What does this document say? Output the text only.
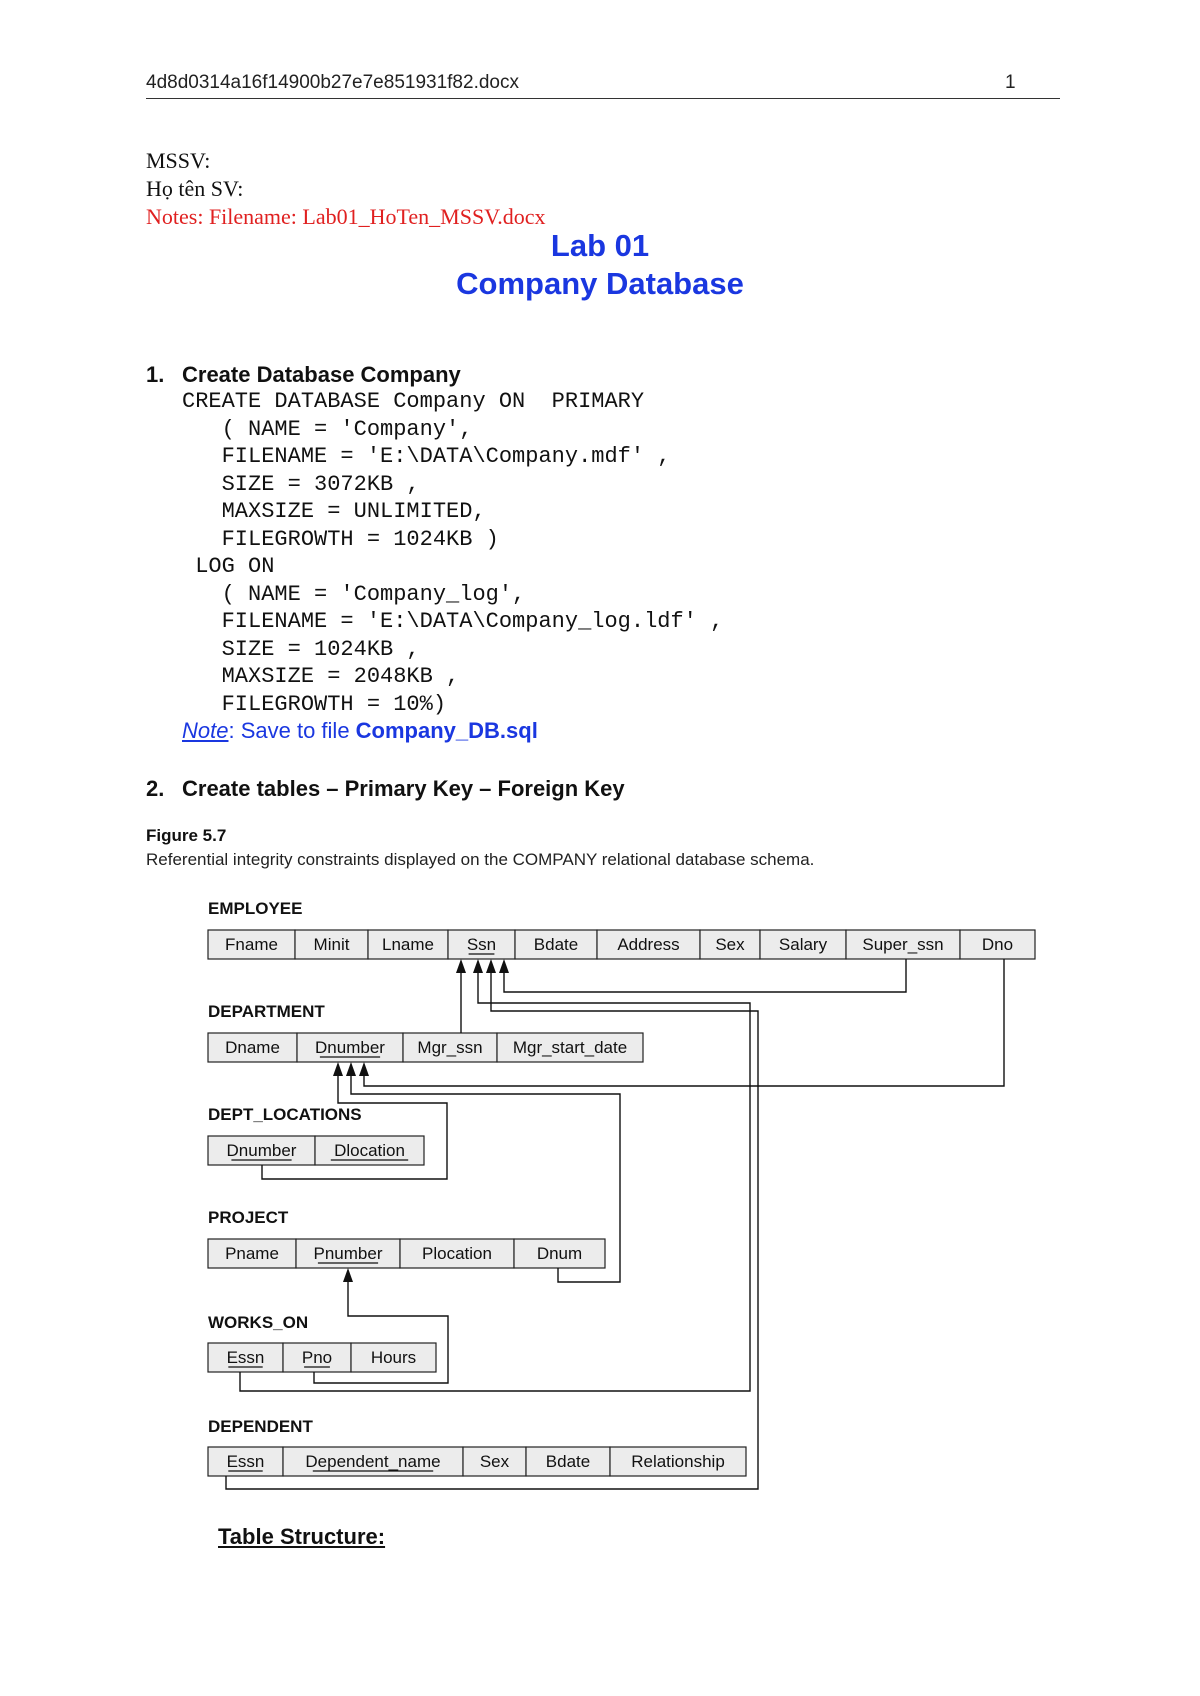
4d8d0314a16f14900b27e7e851931f82.docx	1
MSSV:
Họ tên SV:
Notes: Filename: Lab01_HoTen_MSSV.docx
Lab 01
Company Database
1. Create Database Company
CREATE DATABASE Company ON  PRIMARY
( NAME = 'Company',
FILENAME = 'E:\DATA\Company.mdf' ,
SIZE = 3072KB ,
MAXSIZE = UNLIMITED,
FILEGROWTH = 1024KB )
LOG ON
( NAME = 'Company_log',
FILENAME = 'E:\DATA\Company_log.ldf' ,
SIZE = 1024KB ,
MAXSIZE = 2048KB ,
FILEGROWTH = 10%)
Note: Save to file Company_DB.sql
2. Create tables – Primary Key – Foreign Key
Figure 5.7
Referential integrity constraints displayed on the COMPANY relational database schema.
EMPLOYEE
Fname Minit Lname Ssn Bdate Address Sex Salary Super_ssn Dno
DEPARTMENT
Dname Dnumber Mgr_ssn Mgr_start_date
DEPT_LOCATIONS
Dnumber Dlocation
PROJECT
Pname Pnumber Plocation	Dnum
WORKS_ON
Essn Pno Hours
DEPENDENT
Essn Dependent_name Sex Bdate Relationship
Table Structure:
